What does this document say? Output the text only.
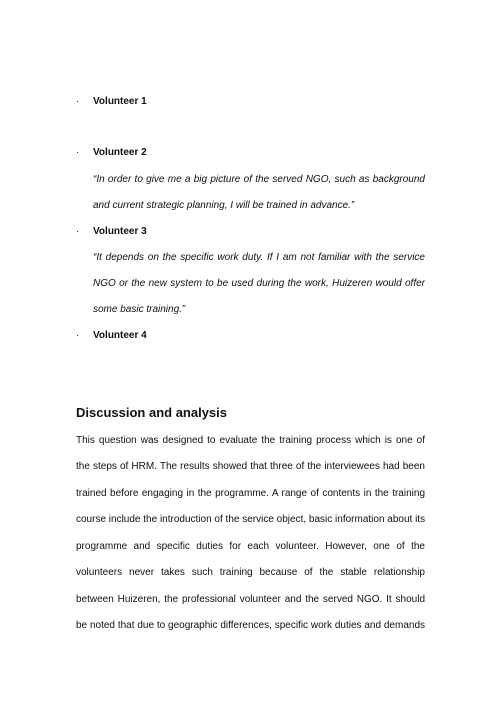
· Volunteer 1
· Volunteer 2
“In order to give me a big picture of the served NGO, such as background
and current strategic planning, I will be trained in advance.”
· Volunteer 3
“It depends on the specific work duty. If I am not familiar with the service
NGO or the new system to be used during the work, Huizeren would offer
some basic training.”
· Volunteer 4
Discussion and analysis
This question was designed to evaluate the training process which is one of
the steps of HRM. The results showed that three of the interviewees had been
trained before engaging in the programme. A range of contents in the training
course include the introduction of the service object, basic information about its
programme and specific duties for each volunteer. However, one of the
volunteers never takes such training because of the stable relationship
between Huizeren, the professional volunteer and the served NGO. It should
be noted that due to geographic differences, specific work duties and demands
